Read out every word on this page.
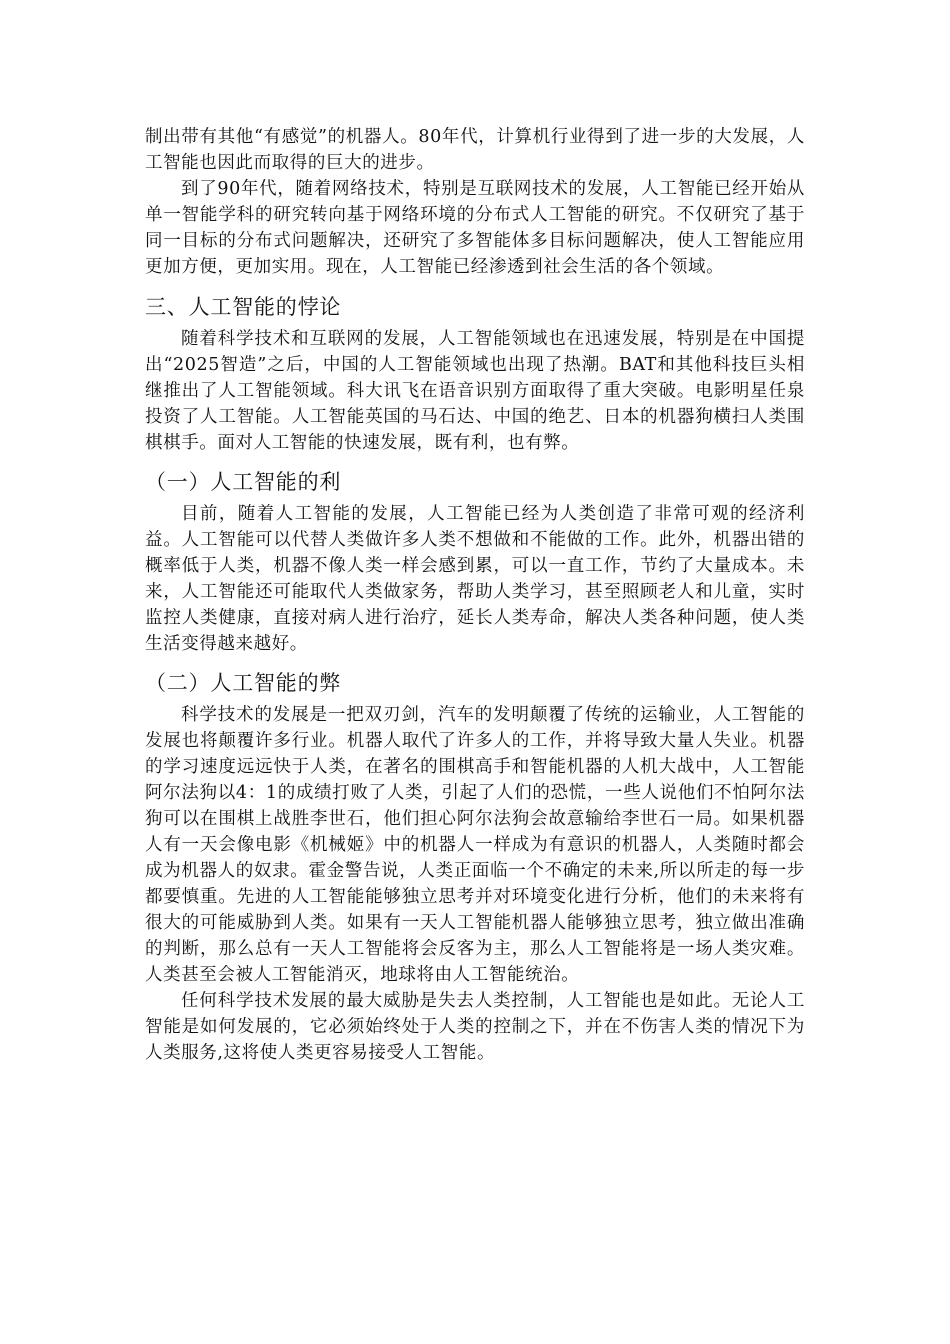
制出带有其他“有感觉”的机器人。80年代，计算机行业得到了进一步的大发展，人工智能也因此而取得的巨大的进步。

到了90年代，随着网络技术，特别是互联网技术的发展，人工智能已经开始从单一智能学科的研究转向基于网络环境的分布式人工智能的研究。不仅研究了基于同一目标的分布式问题解决，还研究了多智能体多目标问题解决，使人工智能应用更加方便，更加实用。现在，人工智能已经渗透到社会生活的各个领域。

三、人工智能的悖论

随着科学技术和互联网的发展，人工智能领域也在迅速发展，特别是在中国提出“2025智造”之后，中国的人工智能领域也出现了热潮。BAT和其他科技巨头相继推出了人工智能领域。科大讯飞在语音识别方面取得了重大突破。电影明星任泉投资了人工智能。人工智能英国的马石达、中国的绝艺、日本的机器狗横扫人类围棋棋手。面对人工智能的快速发展，既有利，也有弊。

（一）人工智能的利

目前，随着人工智能的发展，人工智能已经为人类创造了非常可观的经济利益。人工智能可以代替人类做许多人类不想做和不能做的工作。此外，机器出错的概率低于人类，机器不像人类一样会感到累，可以一直工作，节约了大量成本。未来，人工智能还可能取代人类做家务，帮助人类学习，甚至照顾老人和儿童，实时监控人类健康，直接对病人进行治疗，延长人类寿命，解决人类各种问题，使人类生活变得越来越好。

（二）人工智能的弊

科学技术的发展是一把双刃剑，汽车的发明颠覆了传统的运输业，人工智能的发展也将颠覆许多行业。机器人取代了许多人的工作，并将导致大量人失业。机器的学习速度远远快于人类，在著名的围棋高手和智能机器的人机大战中，人工智能阿尔法狗以4：1的成绩打败了人类，引起了人们的恐慌，一些人说他们不怕阿尔法狗可以在围棋上战胜李世石，他们担心阿尔法狗会故意输给李世石一局。如果机器人有一天会像电影《机械姬》中的机器人一样成为有意识的机器人，人类随时都会成为机器人的奴隶。霍金警告说，人类正面临一个不确定的未来,所以所走的每一步都要慎重。先进的人工智能能够独立思考并对环境变化进行分析，他们的未来将有很大的可能威胁到人类。如果有一天人工智能机器人能够独立思考，独立做出准确的判断，那么总有一天人工智能将会反客为主，那么人工智能将是一场人类灾难。人类甚至会被人工智能消灭，地球将由人工智能统治。

任何科学技术发展的最大威胁是失去人类控制，人工智能也是如此。无论人工智能是如何发展的，它必须始终处于人类的控制之下，并在不伤害人类的情况下为人类服务,这将使人类更容易接受人工智能。
